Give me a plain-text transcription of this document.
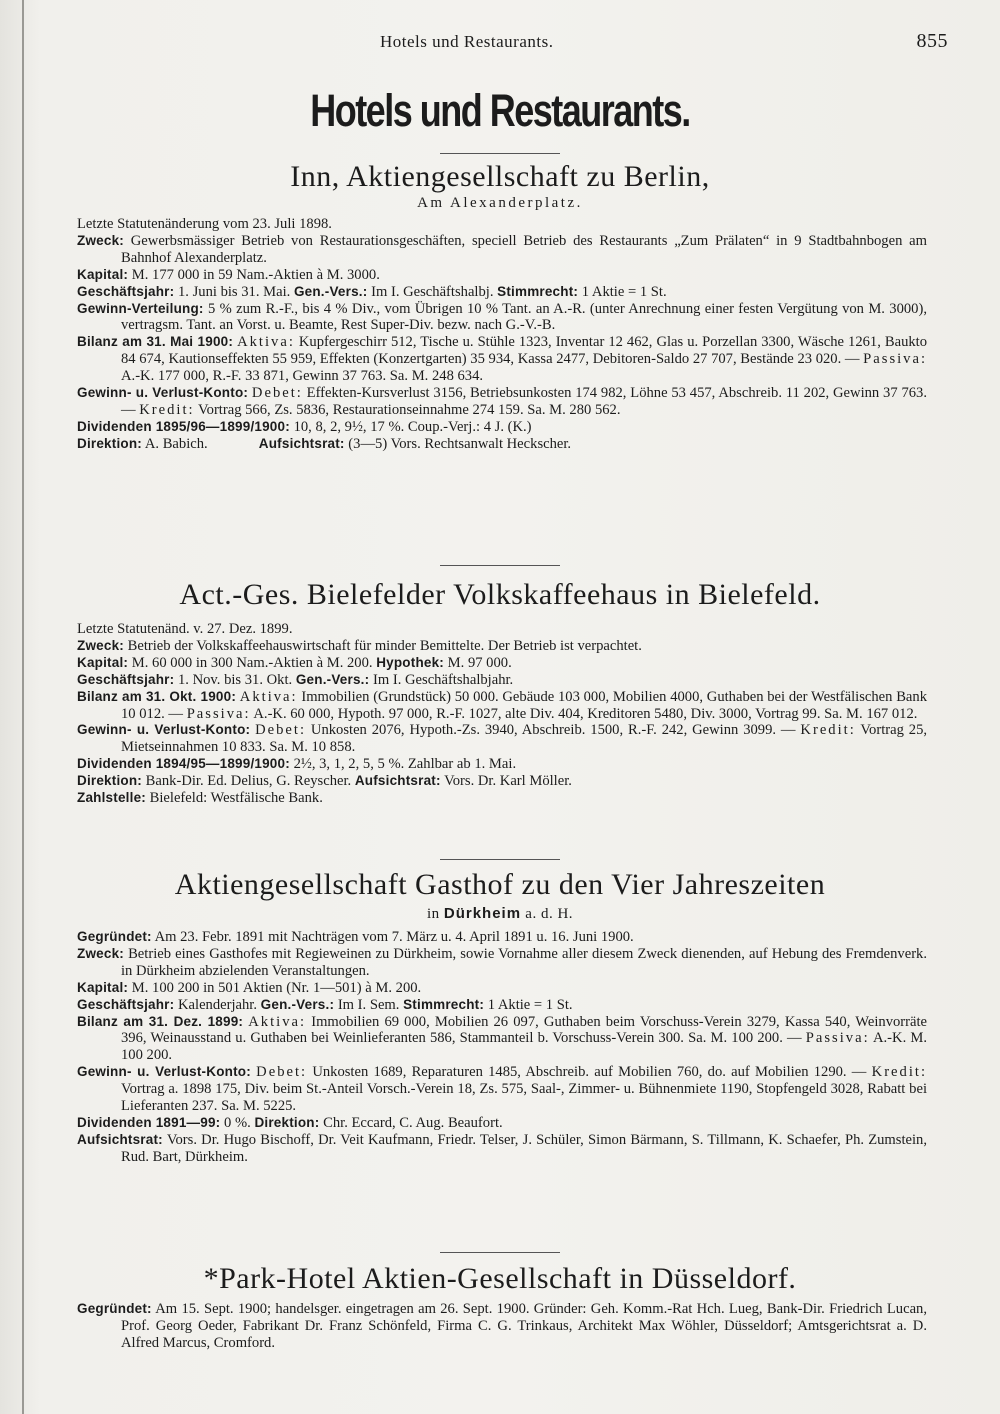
Hotels und Restaurants.	855
Hotels und Restaurants.
Inn, Aktiengesellschaft zu Berlin,
Am Alexanderplatz.

Letzte Statutenänderung vom 23. Juli 1898.

Zweck: Gewerbsmässiger Betrieb von Restaurationsgeschäften, speciell Betrieb des Restaurants „Zum Prälaten“ in 9 Stadtbahnbogen am Bahnhof Alexanderplatz.

Kapital: M. 177 000 in 59 Nam.-Aktien à M. 3000.

Geschäftsjahr: 1. Juni bis 31. Mai. Gen.-Vers.: Im I. Geschäftshalbj. Stimmrecht: 1 Aktie = 1 St.

Gewinn-Verteilung: 5 % zum R.-F., bis 4 % Div., vom Übrigen 10 % Tant. an A.-R. (unter Anrechnung einer festen Vergütung von M. 3000), vertragsm. Tant. an Vorst. u. Beamte, Rest Super-Div. bezw. nach G.-V.-B.

Bilanz am 31. Mai 1900: Aktiva: Kupfergeschirr 512, Tische u. Stühle 1323, Inventar 12 462, Glas u. Porzellan 3300, Wäsche 1261, Baukto 84 674, Kautionseffekten 55 959, Effekten (Konzertgarten) 35 934, Kassa 2477, Debitoren-Saldo 27 707, Bestände 23 020. — Passiva: A.-K. 177 000, R.-F. 33 871, Gewinn 37 763. Sa. M. 248 634.

Gewinn- u. Verlust-Konto: Debet: Effekten-Kursverlust 3156, Betriebsunkosten 174 982, Löhne 53 457, Abschreib. 11 202, Gewinn 37 763. — Kredit: Vortrag 566, Zs. 5836, Restaurationseinnahme 274 159. Sa. M. 280 562.

Dividenden 1895/96—1899/1900: 10, 8, 2, 9½, 17 %. Coup.-Verj.: 4 J. (K.)

Direktion: A. Babich.	Aufsichtsrat: (3—5) Vors. Rechtsanwalt Heckscher.

Act.-Ges. Bielefelder Volkskaffeehaus in Bielefeld.

Letzte Statutenänd. v. 27. Dez. 1899.

Zweck: Betrieb der Volkskaffeehauswirtschaft für minder Bemittelte. Der Betrieb ist verpachtet.

Kapital: M. 60 000 in 300 Nam.-Aktien à M. 200. Hypothek: M. 97 000.

Geschäftsjahr: 1. Nov. bis 31. Okt. Gen.-Vers.: Im I. Geschäftshalbjahr.

Bilanz am 31. Okt. 1900: Aktiva: Immobilien (Grundstück) 50 000. Gebäude 103 000, Mobilien 4000, Guthaben bei der Westfälischen Bank 10 012. — Passiva: A.-K. 60 000, Hypoth. 97 000, R.-F. 1027, alte Div. 404, Kreditoren 5480, Div. 3000, Vortrag 99. Sa. M. 167 012.

Gewinn- u. Verlust-Konto: Debet: Unkosten 2076, Hypoth.-Zs. 3940, Abschreib. 1500, R.-F. 242, Gewinn 3099. — Kredit: Vortrag 25, Mietseinnahmen 10 833. Sa. M. 10 858.

Dividenden 1894/95—1899/1900: 2½, 3, 1, 2, 5, 5 %. Zahlbar ab 1. Mai.

Direktion: Bank-Dir. Ed. Delius, G. Reyscher. Aufsichtsrat: Vors. Dr. Karl Möller.

Zahlstelle: Bielefeld: Westfälische Bank.

Aktiengesellschaft Gasthof zu den Vier Jahreszeiten
in Dürkheim a. d. H.

Gegründet: Am 23. Febr. 1891 mit Nachträgen vom 7. März u. 4. April 1891 u. 16. Juni 1900.

Zweck: Betrieb eines Gasthofes mit Regieweinen zu Dürkheim, sowie Vornahme aller diesem Zweck dienenden, auf Hebung des Fremdenverk. in Dürkheim abzielenden Veranstaltungen.

Kapital: M. 100 200 in 501 Aktien (Nr. 1—501) à M. 200.

Geschäftsjahr: Kalenderjahr. Gen.-Vers.: Im I. Sem. Stimmrecht: 1 Aktie = 1 St.

Bilanz am 31. Dez. 1899: Aktiva: Immobilien 69 000, Mobilien 26 097, Guthaben beim Vorschuss-Verein 3279, Kassa 540, Weinvorräte 396, Weinausstand u. Guthaben bei Weinlieferanten 586, Stammanteil b. Vorschuss-Verein 300. Sa. M. 100 200. — Passiva: A.-K. M. 100 200.

Gewinn- u. Verlust-Konto: Debet: Unkosten 1689, Reparaturen 1485, Abschreib. auf Mobilien 760, do. auf Mobilien 1290. — Kredit: Vortrag a. 1898 175, Div. beim St.-Anteil Vorsch.-Verein 18, Zs. 575, Saal-, Zimmer- u. Bühnenmiete 1190, Stopfengeld 3028, Rabatt bei Lieferanten 237. Sa. M. 5225.

Dividenden 1891—99: 0 %. Direktion: Chr. Eccard, C. Aug. Beaufort.

Aufsichtsrat: Vors. Dr. Hugo Bischoff, Dr. Veit Kaufmann, Friedr. Telser, J. Schüler, Simon Bärmann, S. Tillmann, K. Schaefer, Ph. Zumstein, Rud. Bart, Dürkheim.

*Park-Hotel Aktien-Gesellschaft in Düsseldorf.

Gegründet: Am 15. Sept. 1900; handelsger. eingetragen am 26. Sept. 1900. Gründer: Geh. Komm.-Rat Hch. Lueg, Bank-Dir. Friedrich Lucan, Prof. Georg Oeder, Fabrikant Dr. Franz Schönfeld, Firma C. G. Trinkaus, Architekt Max Wöhler, Düsseldorf; Amtsgerichtsrat a. D. Alfred Marcus, Cromford.
